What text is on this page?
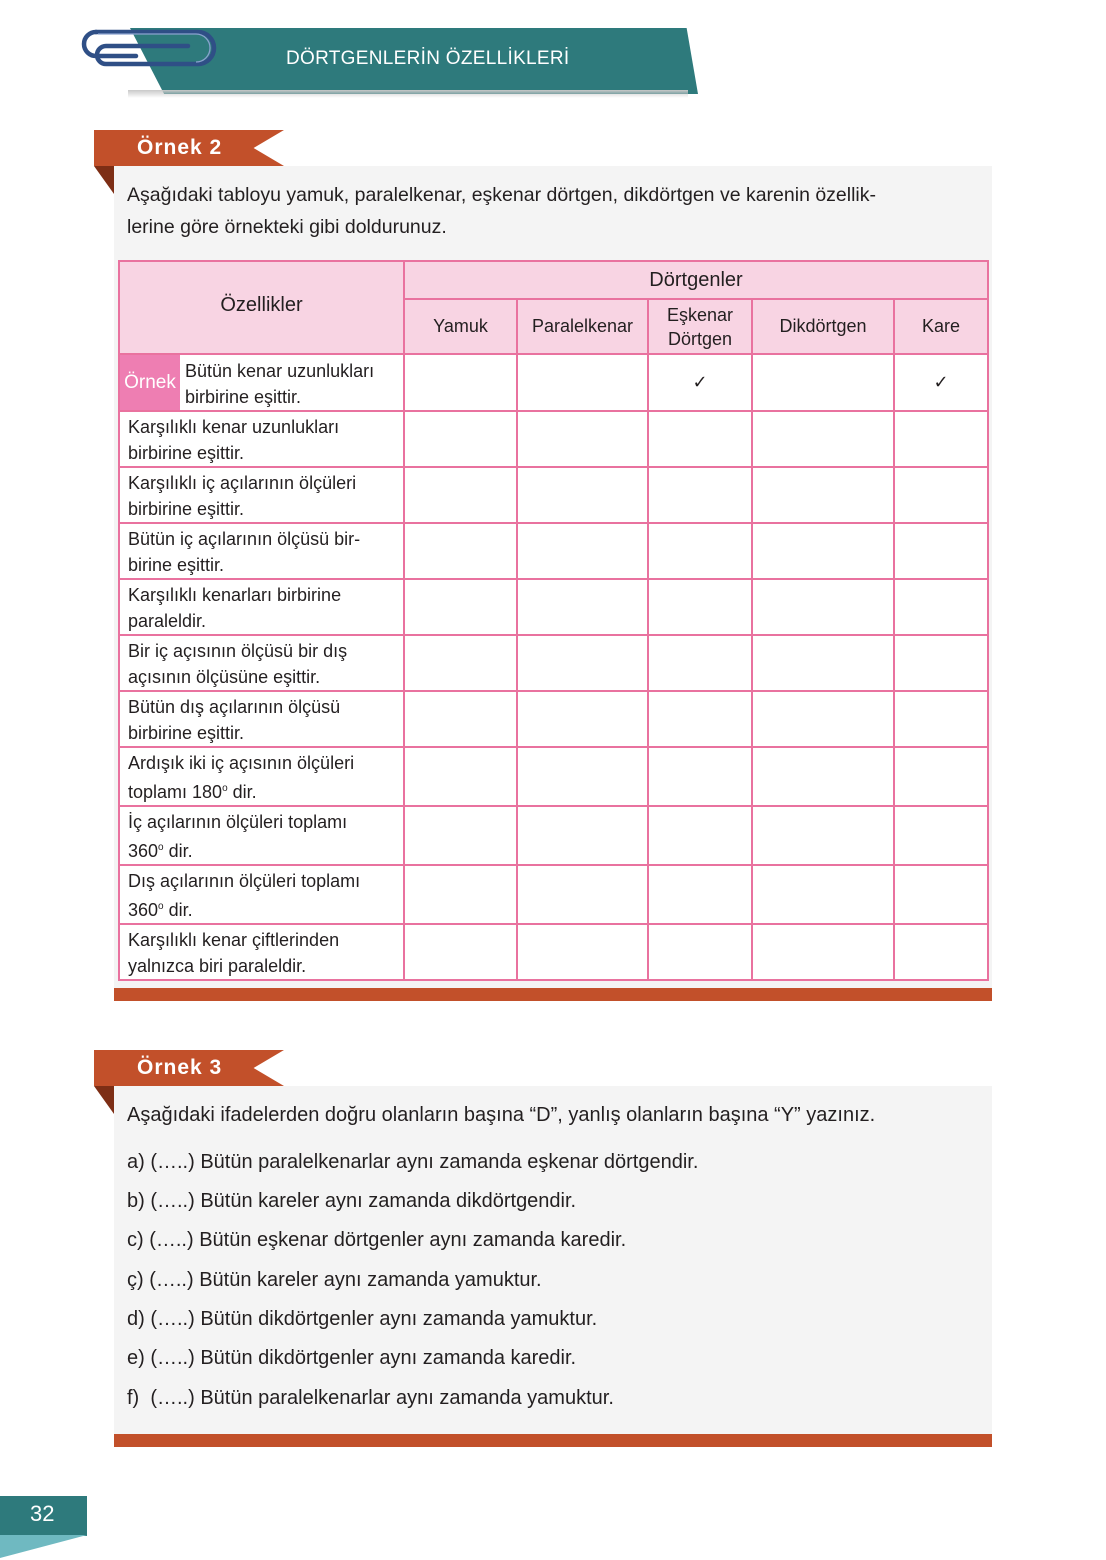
DÖRTGENLERİN ÖZELLİKLERİ
Örnek 2
Aşağıdaki tabloyu yamuk, paralelkenar, eşkenar dörtgen, dikdörtgen ve karenin özellik-
lerine göre örnekteki gibi doldurunuz.
Özellikler	Dörtgenler				
	Yamuk	Paralelkenar	Eşkenar Dörtgen	Dikdörtgen	Kare

Örnek
Bütün kenar uzunlukları
birbirine eşittir.			✓		✓

Karşılıklı kenar uzunlukları
birbirine eşittir.					

Karşılıklı iç açılarının ölçüleri
birbirine eşittir.					

Bütün iç açılarının ölçüsü bir-
birine eşittir.					

Karşılıklı kenarları birbirine
paraleldir.					

Bir iç açısının ölçüsü bir dış
açısının ölçüsüne eşittir.					

Bütün dış açılarının ölçüsü
birbirine eşittir.					

Ardışık iki iç açısının ölçüleri
toplamı 180$^o$ dir.					

İç açılarının ölçüleri toplamı
360$^o$ dir.					

Dış açılarının ölçüleri toplamı
360$^o$ dir.					

Karşılıklı kenar çiftlerinden
yalnızca biri paraleldir.					

Örnek 3
Aşağıdaki ifadelerden doğru olanların başına “D”, yanlış olanların başına “Y” yazınız.
a) (…..) Bütün paralelkenarlar aynı zamanda eşkenar dörtgendir.
b) (…..) Bütün kareler aynı zamanda dikdörtgendir.
c) (…..) Bütün eşkenar dörtgenler aynı zamanda karedir.
ç) (…..) Bütün kareler aynı zamanda yamuktur.
d) (…..) Bütün dikdörtgenler aynı zamanda yamuktur.
e) (…..) Bütün dikdörtgenler aynı zamanda karedir.
f)  (…..) Bütün paralelkenarlar aynı zamanda yamuktur.
32
